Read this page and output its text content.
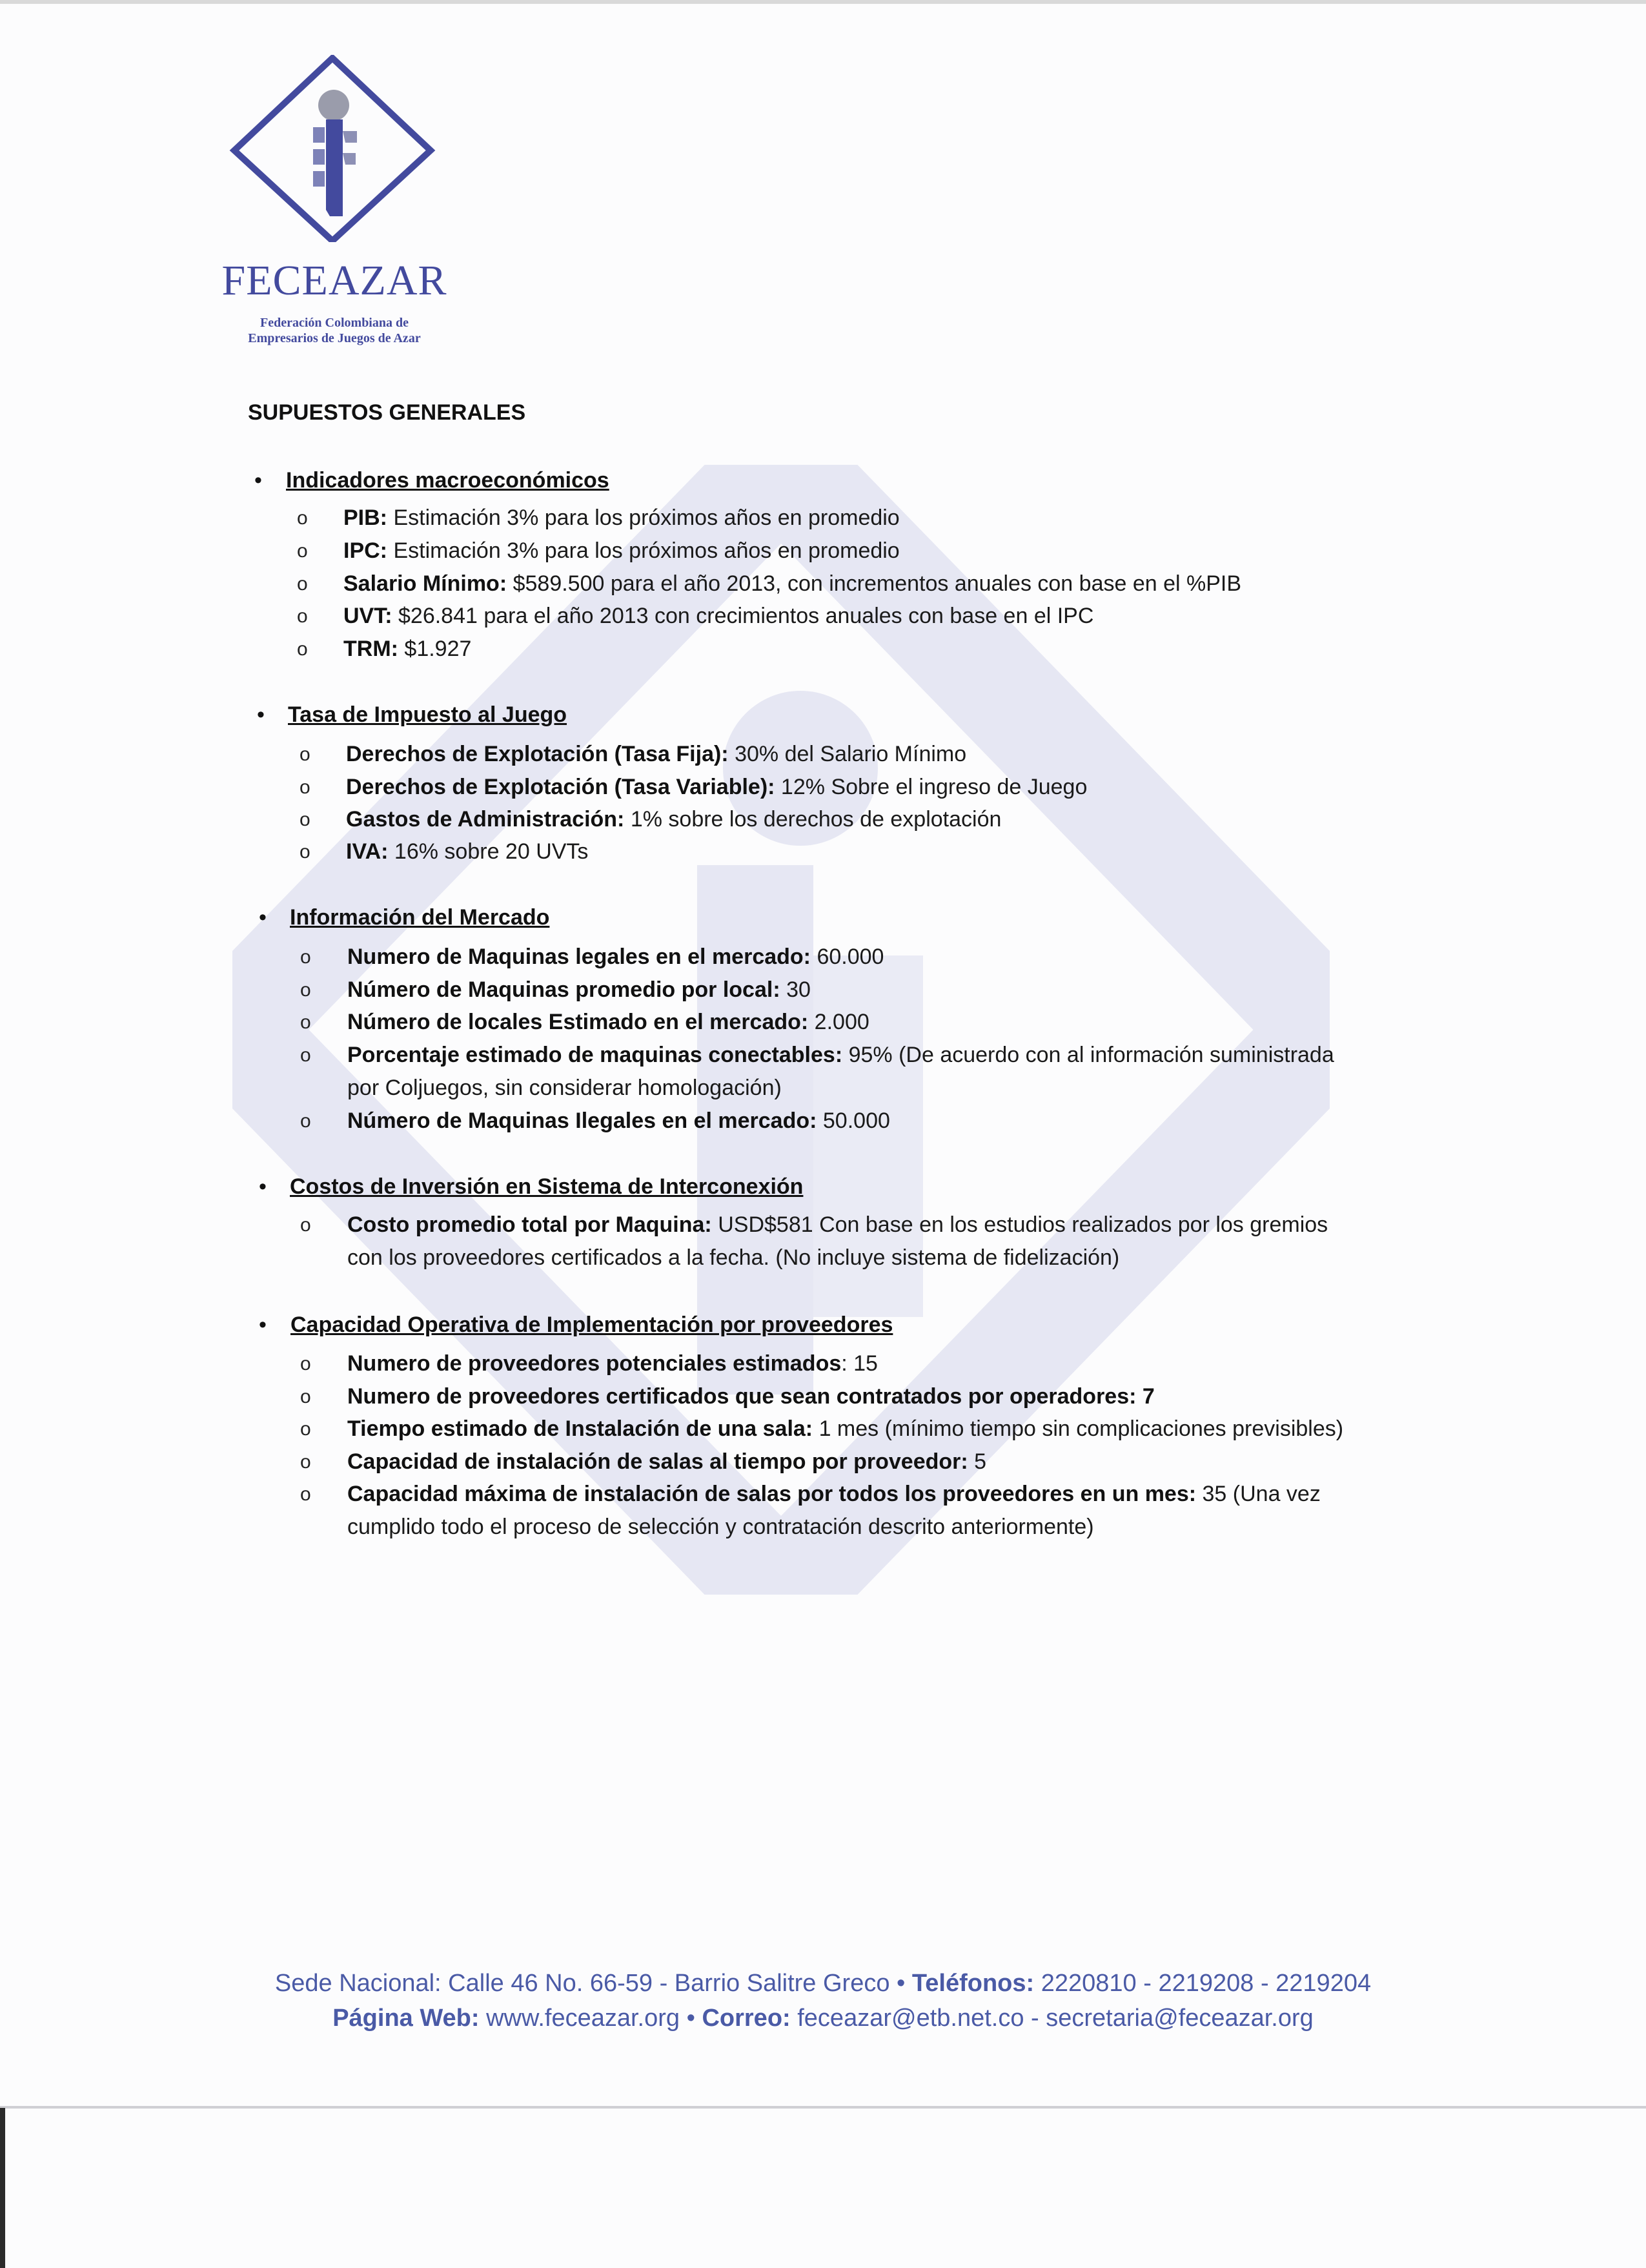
FECEAZAR
Federación Colombiana de
Empresarios de Juegos de Azar
SUPUESTOS GENERALES
• Indicadores macroeconómicos
o PIB: Estimación 3% para los próximos años en promedio
o IPC: Estimación 3% para los próximos años en promedio
o Salario Mínimo: $589.500 para el año 2013, con incrementos anuales con base en el %PIB
o UVT: $26.841 para el año 2013 con crecimientos anuales con base en el IPC
o TRM: $1.927
• Tasa de Impuesto al Juego
o Derechos de Explotación (Tasa Fija): 30% del Salario Mínimo
o Derechos de Explotación (Tasa Variable): 12% Sobre el ingreso de Juego
o Gastos de Administración: 1% sobre los derechos de explotación
o IVA: 16% sobre 20 UVTs
• Información del Mercado
o Numero de Maquinas legales en el mercado: 60.000
o Número de Maquinas promedio por local: 30
o Número de locales Estimado en el mercado: 2.000
o Porcentaje estimado de maquinas conectables: 95% (De acuerdo con al información suministrada
por Coljuegos, sin considerar homologación)
o Número de Maquinas Ilegales en el mercado: 50.000
• Costos de Inversión en Sistema de Interconexión
o Costo promedio total por Maquina: USD$581 Con base en los estudios realizados por los gremios
con los proveedores certificados a la fecha. (No incluye sistema de fidelización)
• Capacidad Operativa de Implementación por proveedores
o Numero de proveedores potenciales estimados: 15
o Numero de proveedores certificados que sean contratados por operadores: 7
o Tiempo estimado de Instalación de una sala: 1 mes (mínimo tiempo sin complicaciones previsibles)
o Capacidad de instalación de salas al tiempo por proveedor: 5
o Capacidad máxima de instalación de salas por todos los proveedores en un mes: 35 (Una vez
cumplido todo el proceso de selección y contratación descrito anteriormente)
Sede Nacional: Calle 46 No. 66-59 - Barrio Salitre Greco • Teléfonos: 2220810 - 2219208 - 2219204
Página Web: www.feceazar.org • Correo: feceazar@etb.net.co - secretaria@feceazar.org
